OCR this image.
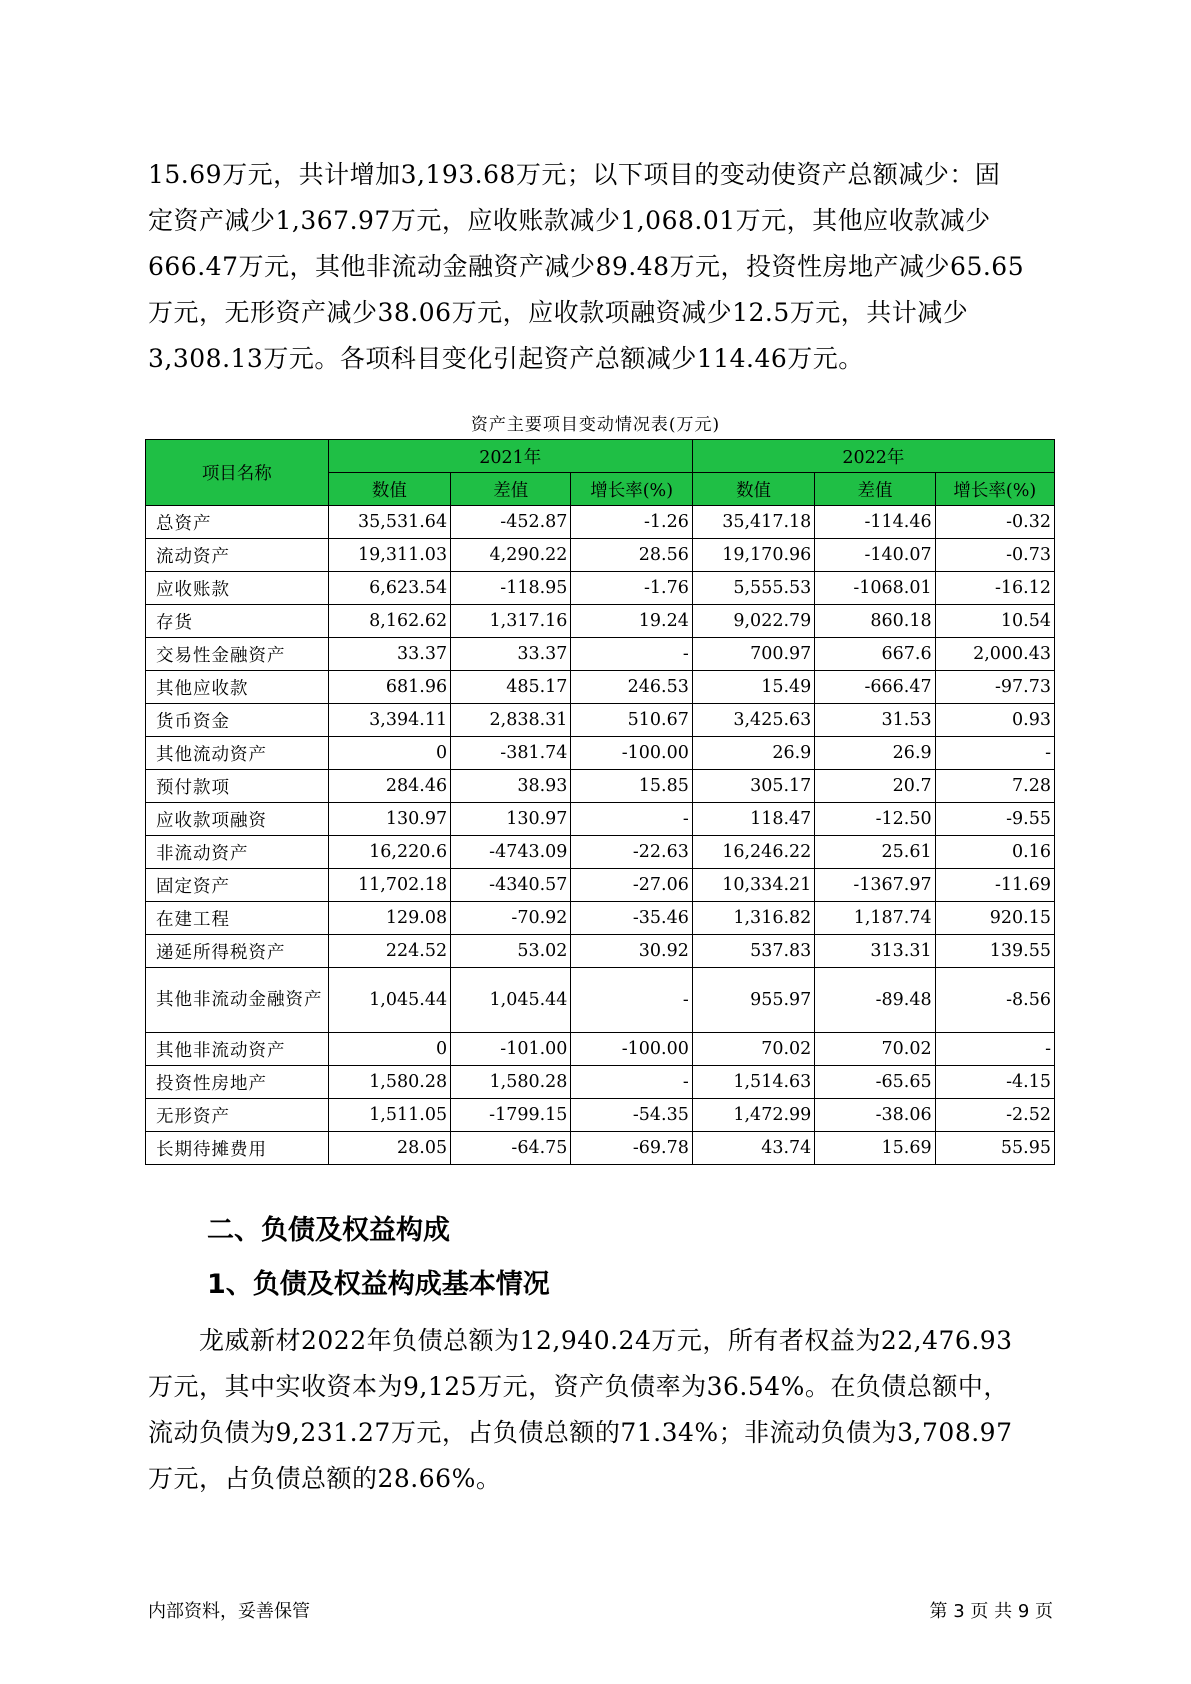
15.69万元，共计增加3,193.68万元；以下项目的变动使资产总额减少：固
定资产减少1,367.97万元，应收账款减少1,068.01万元，其他应收款减少
666.47万元，其他非流动金融资产减少89.48万元，投资性房地产减少65.65
万元，无形资产减少38.06万元，应收款项融资减少12.5万元，共计减少
3,308.13万元。各项科目变化引起资产总额减少114.46万元。
资产主要项目变动情况表(万元)
项目名称	2021年			2022年		
	数值	差值	增长率(%)	数值	差值	增长率(%)
总资产	35,531.64	-452.87	-1.26	35,417.18	-114.46	-0.32
流动资产	19,311.03	4,290.22	28.56	19,170.96	-140.07	-0.73
应收账款	6,623.54	-118.95	-1.76	5,555.53	-1068.01	-16.12
存货	8,162.62	1,317.16	19.24	9,022.79	860.18	10.54
交易性金融资产	33.37	33.37	-	700.97	667.6	2,000.43
其他应收款	681.96	485.17	246.53	15.49	-666.47	-97.73
货币资金	3,394.11	2,838.31	510.67	3,425.63	31.53	0.93
其他流动资产	0	-381.74	-100.00	26.9	26.9	-
预付款项	284.46	38.93	15.85	305.17	20.7	7.28
应收款项融资	130.97	130.97	-	118.47	-12.50	-9.55
非流动资产	16,220.6	-4743.09	-22.63	16,246.22	25.61	0.16
固定资产	11,702.18	-4340.57	-27.06	10,334.21	-1367.97	-11.69
在建工程	129.08	-70.92	-35.46	1,316.82	1,187.74	920.15
递延所得税资产	224.52	53.02	30.92	537.83	313.31	139.55
其他非流动金融资产	1,045.44	1,045.44	-	955.97	-89.48	-8.56
其他非流动资产	0	-101.00	-100.00	70.02	70.02	-
投资性房地产	1,580.28	1,580.28	-	1,514.63	-65.65	-4.15
无形资产	1,511.05	-1799.15	-54.35	1,472.99	-38.06	-2.52
长期待摊费用	28.05	-64.75	-69.78	43.74	15.69	55.95
二、负债及权益构成
1、负债及权益构成基本情况
　　龙威新材2022年负债总额为12,940.24万元，所有者权益为22,476.93
万元，其中实收资本为9,125万元，资产负债率为36.54%。在负债总额中，
流动负债为9,231.27万元，占负债总额的71.34%；非流动负债为3,708.97
万元，占负债总额的28.66%。
内部资料，妥善保管	第 3 页 共 9 页
